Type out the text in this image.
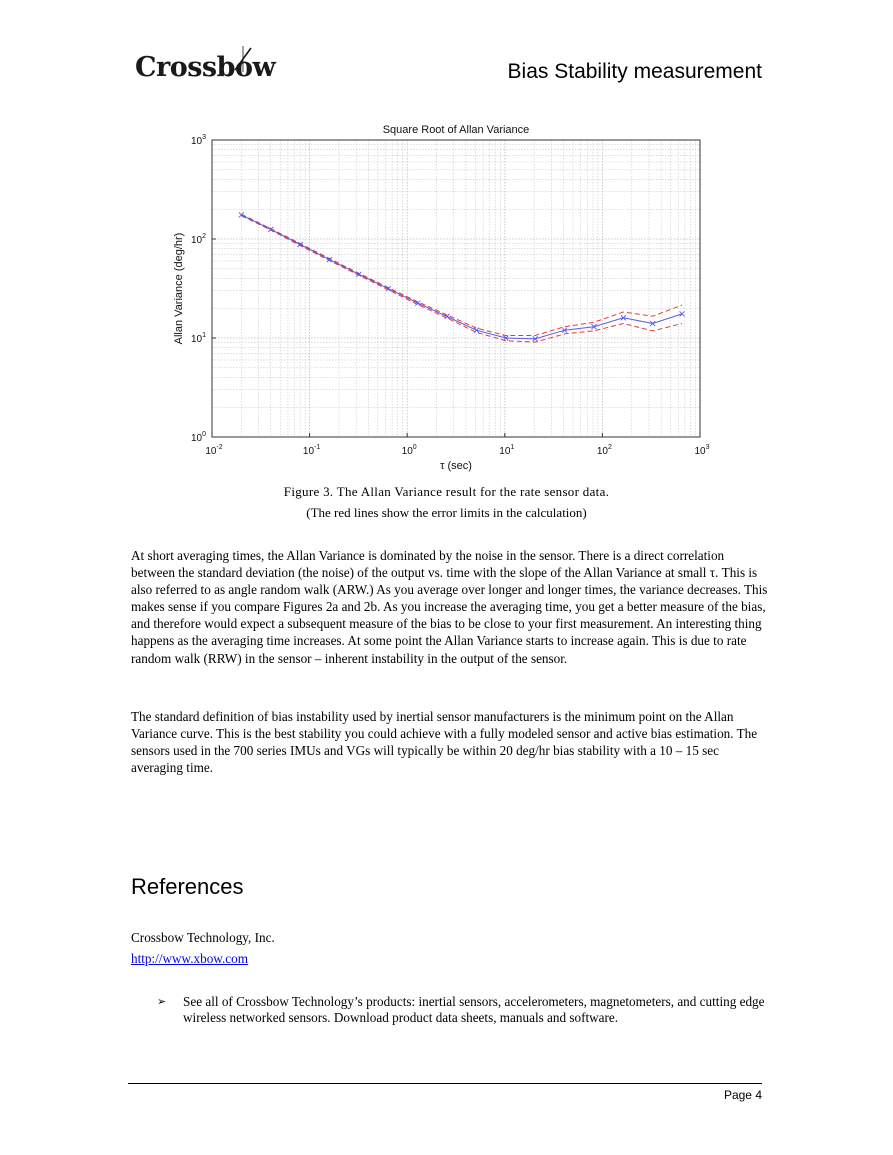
Crossbo
w	Bias Stability measurement
$10^{-2}$	$10^{-1}$	$10^0$	$10^1$	$10^2$	$10^3$
$10^0$
$10^1$
$10^2$
$10^3$
Square Root of Allan Variance
τ (sec)
Allan Variance (deg/hr)
Figure 3. The Allan Variance result for the rate sensor data.
(The red lines show the error limits in the calculation)

At short averaging times, the Allan Variance is dominated by the noise in the sensor. There is a direct correlation between the standard deviation (the noise) of the output vs. time with the slope of the Allan Variance at small τ. This is also referred to as angle random walk (ARW.) As you average over longer and longer times, the variance decreases. This makes sense if you compare Figures 2a and 2b. As you increase the averaging time, you get a better measure of the bias, and therefore would expect a subsequent measure of the bias to be close to your first measurement. An interesting thing happens as the averaging time increases. At some point the Allan Variance starts to increase again. This is due to rate random walk (RRW) in the sensor – inherent instability in the output of the sensor.

The standard definition of bias instability used by inertial sensor manufacturers is the minimum point on the Allan Variance curve. This is the best stability you could achieve with a fully modeled sensor and active bias estimation. The sensors used in the 700 series IMUs and VGs will typically be within 20 deg/hr bias stability with a 10 – 15 sec averaging time.

References
Crossbow Technology, Inc.
http://www.xbow.com
➢ See all of Crossbow Technology’s products: inertial sensors, accelerometers, magnetometers, and cutting edge wireless networked sensors. Download product data sheets, manuals and software.
Page 4
